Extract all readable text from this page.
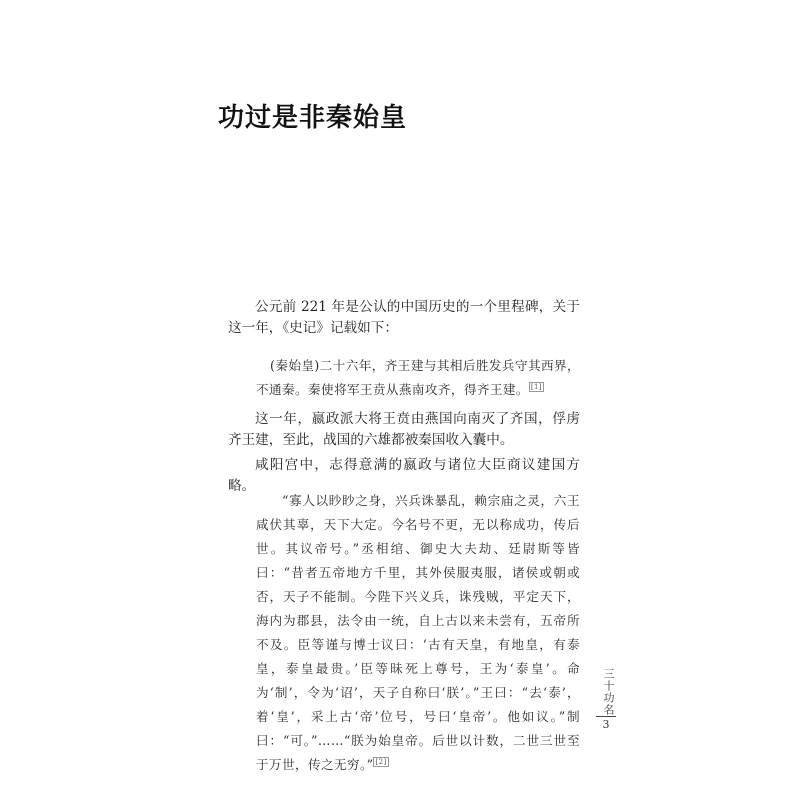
功过是非秦始皇
公元前 221 年是公认的中国历史的一个里程碑，关于这一年，《史记》记载如下：
(秦始皇)二十六年，齐王建与其相后胜发兵守其西界，不通秦。秦使将军王贲从燕南攻齐，得齐王建。 [1]
这一年，嬴政派大将王贲由燕国向南灭了齐国，俘虏齐王建，至此，战国的六雄都被秦国收入囊中。
咸阳宫中，志得意满的嬴政与诸位大臣商议建国方略。
“寡人以眇眇之身，兴兵诛暴乱，赖宗庙之灵，六王咸伏其辜，天下大定。今名号不更，无以称成功，传后世。其议帝号。”丞相绾、御史大夫劫、廷尉斯等皆曰：“昔者五帝地方千里，其外侯服夷服，诸侯或朝或否，天子不能制。今陛下兴义兵，诛残贼，平定天下，海内为郡县，法令由一统，自上古以来未尝有，五帝所不及。臣等谨与博士议曰：‘古有天皇，有地皇，有泰皇，泰皇最贵。’臣等昧死上尊号，王为‘泰皇’。命为‘制’，令为‘诏’，天子自称曰‘朕’。”王曰：“去‘泰’，着‘皇’，采上古‘帝’位号，号曰‘皇帝’。他如议。”制曰：“可。”……“朕为始皇帝。后世以计数，二世三世至于万世，传之无穷。” [2]
三十功名
3
